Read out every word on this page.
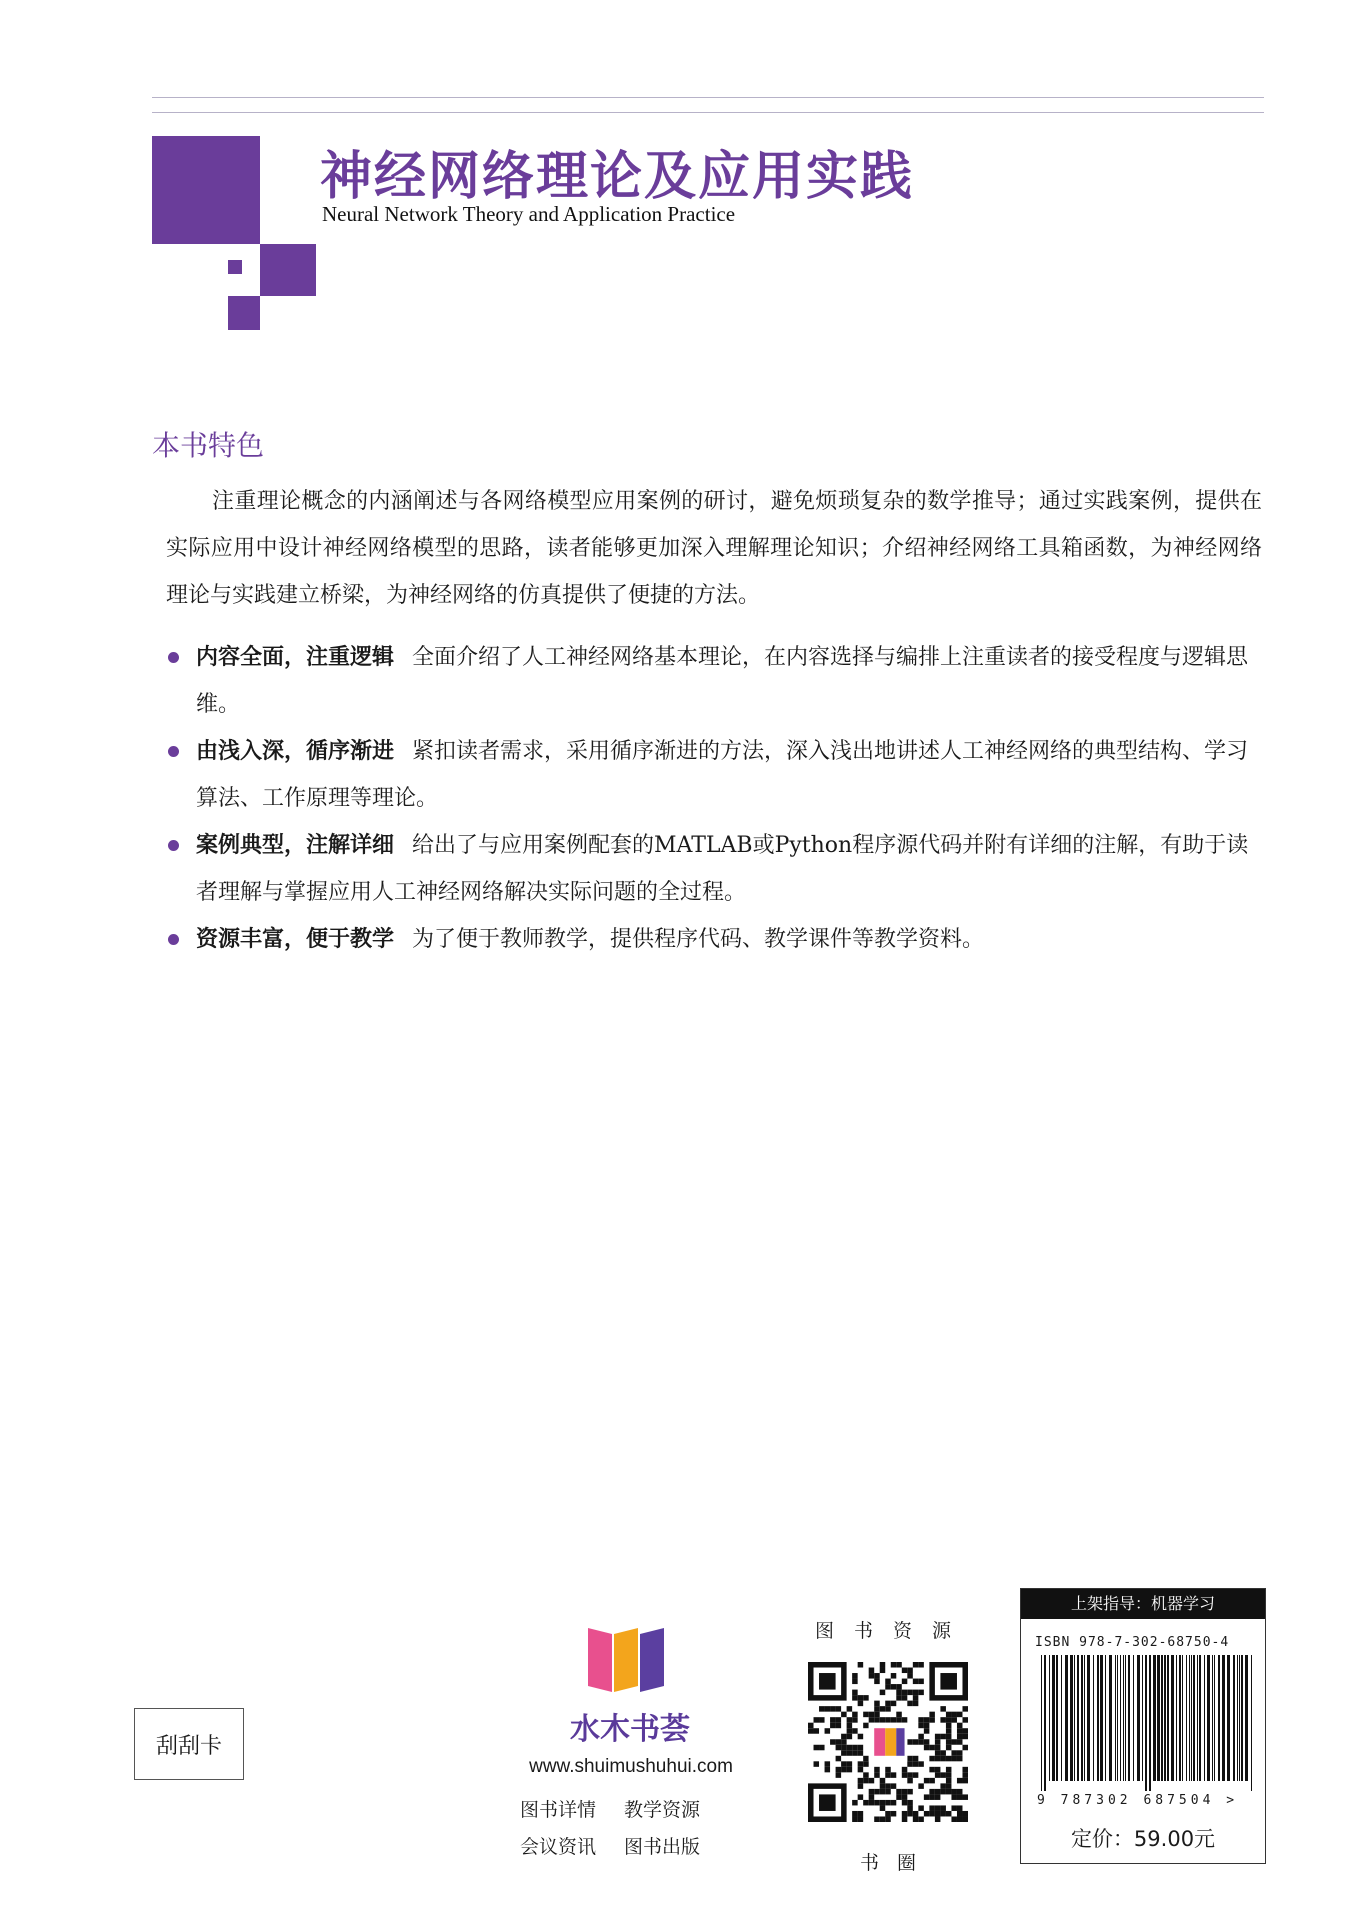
神经网络理论及应用实践
Neural Network Theory and Application Practice
本书特色
注重理论概念的内涵阐述与各网络模型应用案例的研讨，避免烦琐复杂的数学推导；通过实践案例，提供在实际应用中设计神经网络模型的思路，读者能够更加深入理解理论知识；介绍神经网络工具箱函数，为神经网络理论与实践建立桥梁，为神经网络的仿真提供了便捷的方法。
内容全面，注重逻辑 全面介绍了人工神经网络基本理论，在内容选择与编排上注重读者的接受程度与逻辑思维。
由浅入深，循序渐进 紧扣读者需求，采用循序渐进的方法，深入浅出地讲述人工神经网络的典型结构、学习算法、工作原理等理论。
案例典型，注解详细 给出了与应用案例配套的MATLAB或Python程序源代码并附有详细的注解，有助于读者理解与掌握应用人工神经网络解决实际问题的全过程。
资源丰富，便于教学 为了便于教师教学，提供程序代码、教学课件等教学资料。
刮刮卡	水木书荟
www.shuimushuhui.com
图书详情 教学资源
会议资讯 图书出版
图书资源
书圈
上架指导：机器学习
ISBN 978-7-302-68750-4
9 787302 687504 >
定价：59.00元
